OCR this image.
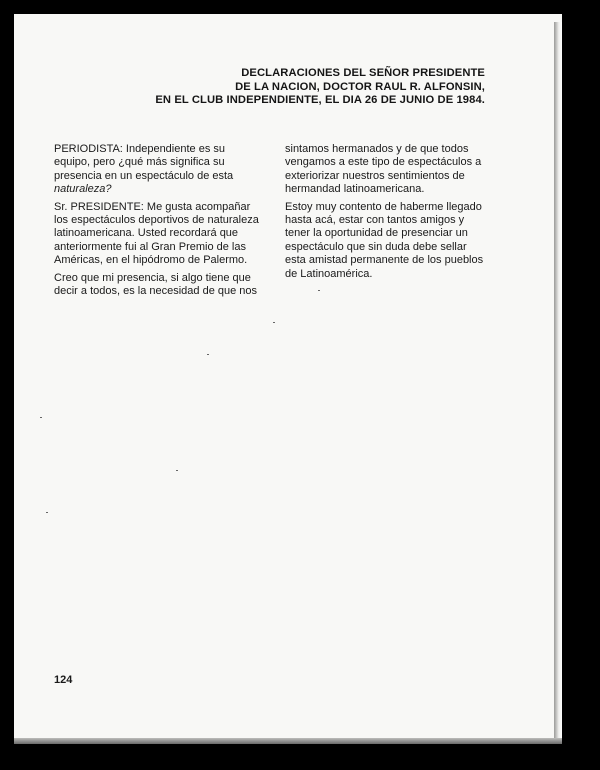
DECLARACIONES DEL SEÑOR PRESIDENTE
DE LA NACION, DOCTOR RAUL R. ALFONSIN,
EN EL CLUB INDEPENDIENTE, EL DIA 26 DE JUNIO DE 1984.
PERIODISTA: Independiente es su
equipo, pero ¿qué más significa su
presencia en un espectáculo de esta
naturaleza?
Sr. PRESIDENTE: Me gusta acompañar
los espectáculos deportivos de naturaleza
latinoamericana. Usted recordará que
anteriormente fui al Gran Premio de las
Américas, en el hipódromo de Palermo.
Creo que mi presencia, si algo tiene que
decir a todos, es la necesidad de que nos
sintamos hermanados y de que todos
vengamos a este tipo de espectáculos a
exteriorizar nuestros sentimientos de
hermandad latinoamericana.
Estoy muy contento de haberme llegado
hasta acá, estar con tantos amigos y
tener la oportunidad de presenciar un
espectáculo que sin duda debe sellar
esta amistad permanente de los pueblos
de Latinoamérica.
124
